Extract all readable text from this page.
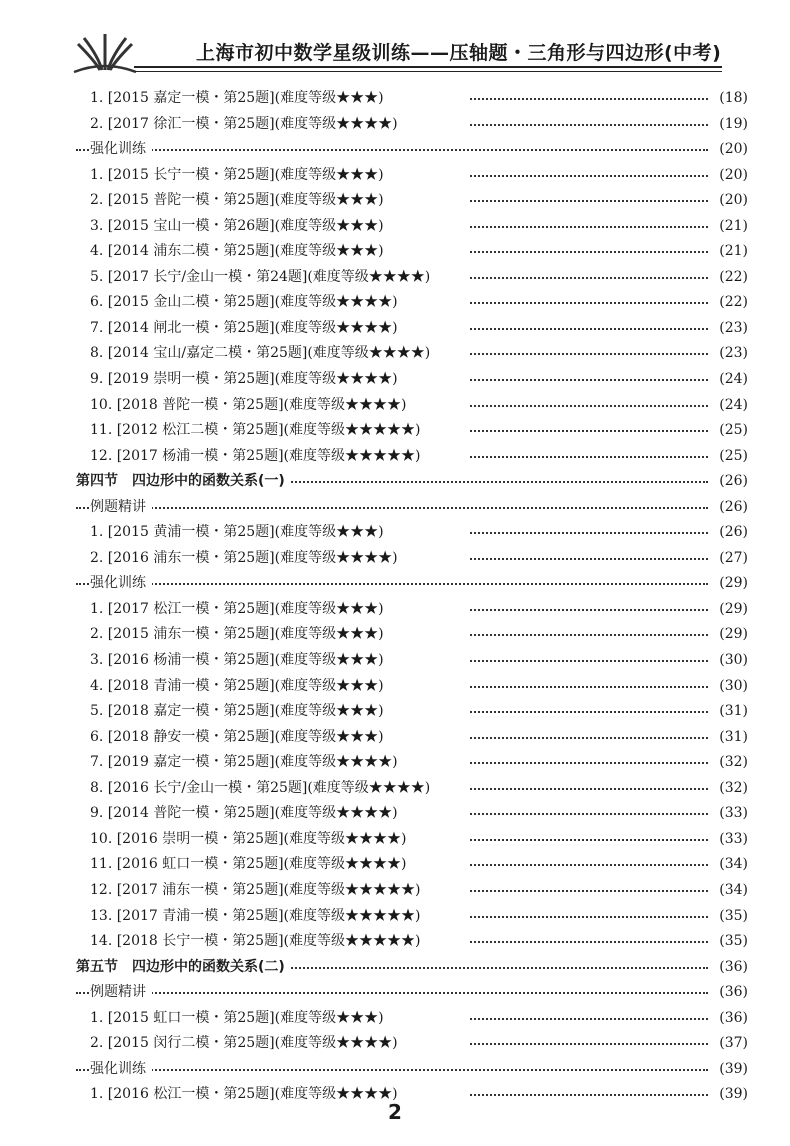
上海市初中数学星级训练——压轴题・三角形与四边形(中考)
1. [2015 嘉定一模・第25题](难度等级★★★)	(18)
2. [2017 徐汇一模・第25题](难度等级★★★★)	(19)
强化训练	(20)
1. [2015 长宁一模・第25题](难度等级★★★)	(20)
2. [2015 普陀一模・第25题](难度等级★★★)	(20)
3. [2015 宝山一模・第26题](难度等级★★★)	(21)
4. [2014 浦东二模・第25题](难度等级★★★)	(21)
5. [2017 长宁/金山一模・第24题](难度等级★★★★)	(22)
6. [2015 金山二模・第25题](难度等级★★★★)	(22)
7. [2014 闸北一模・第25题](难度等级★★★★)	(23)
8. [2014 宝山/嘉定二模・第25题](难度等级★★★★)	(23)
9. [2019 崇明一模・第25题](难度等级★★★★)	(24)
10. [2018 普陀一模・第25题](难度等级★★★★)	(24)
11. [2012 松江二模・第25题](难度等级★★★★★)	(25)
12. [2017 杨浦一模・第25题](难度等级★★★★★)	(25)
第四节　四边形中的函数关系(一)	(26)
例题精讲	(26)
1. [2015 黄浦一模・第25题](难度等级★★★)	(26)
2. [2016 浦东一模・第25题](难度等级★★★★)	(27)
强化训练	(29)
1. [2017 松江一模・第25题](难度等级★★★)	(29)
2. [2015 浦东一模・第25题](难度等级★★★)	(29)
3. [2016 杨浦一模・第25题](难度等级★★★)	(30)
4. [2018 青浦一模・第25题](难度等级★★★)	(30)
5. [2018 嘉定一模・第25题](难度等级★★★)	(31)
6. [2018 静安一模・第25题](难度等级★★★)	(31)
7. [2019 嘉定一模・第25题](难度等级★★★★)	(32)
8. [2016 长宁/金山一模・第25题](难度等级★★★★)	(32)
9. [2014 普陀一模・第25题](难度等级★★★★)	(33)
10. [2016 崇明一模・第25题](难度等级★★★★)	(33)
11. [2016 虹口一模・第25题](难度等级★★★★)	(34)
12. [2017 浦东一模・第25题](难度等级★★★★★)	(34)
13. [2017 青浦一模・第25题](难度等级★★★★★)	(35)
14. [2018 长宁一模・第25题](难度等级★★★★★)	(35)
第五节　四边形中的函数关系(二)	(36)
例题精讲	(36)
1. [2015 虹口一模・第25题](难度等级★★★)	(36)
2. [2015 闵行二模・第25题](难度等级★★★★)	(37)
强化训练	(39)
1. [2016 松江一模・第25题](难度等级★★★★)	(39)
2
